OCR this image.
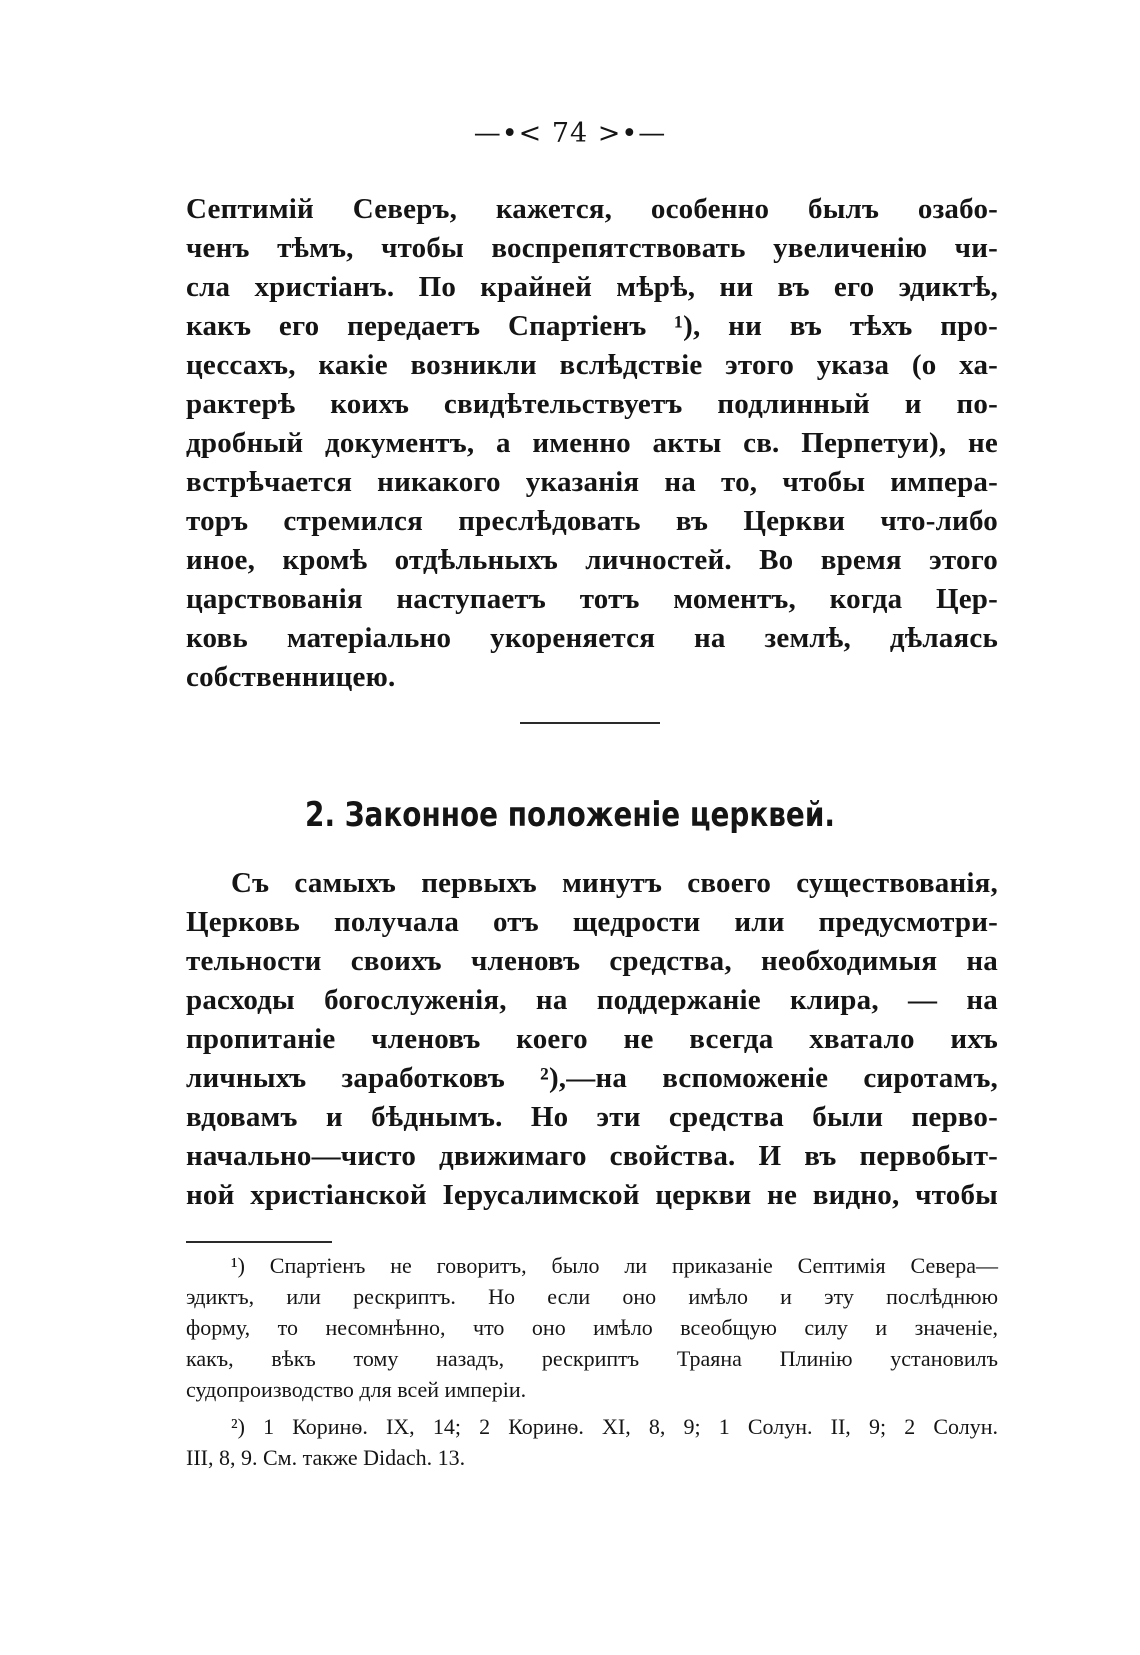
—•< 74 >•—
Септимій Северъ, кажется, особенно былъ озабо-
ченъ тѣмъ, чтобы воспрепятствовать увеличенію чи-
сла христіанъ. По крайней мѣрѣ, ни въ его эдиктѣ,
какъ его передаетъ Спартіенъ ¹), ни въ тѣхъ про-
цессахъ, какіе возникли вслѣдствіе этого указа (о ха-
рактерѣ коихъ свидѣтельствуетъ подлинный и по-
дробный документъ, а именно акты св. Перпетуи), не
встрѣчается никакого указанія на то, чтобы импера-
торъ стремился преслѣдовать въ Церкви что-либо
иное, кромѣ отдѣльныхъ личностей. Во время этого
царствованія наступаетъ тотъ моментъ, когда Цер-
ковь матеріально укореняется на землѣ, дѣлаясь
собственницею.
2. Законное положеніе церквей.
Съ самыхъ первыхъ минутъ своего существованія,
Церковь получала отъ щедрости или предусмотри-
тельности своихъ членовъ средства, необходимыя на
расходы богослуженія, на поддержаніе клира, — на
пропитаніе членовъ коего не всегда хватало ихъ
личныхъ заработковъ ²),—на вспоможеніе сиротамъ,
вдовамъ и бѣднымъ. Но эти средства были перво-
начально—чисто движимаго свойства. И въ первобыт-
ной христіанской Іерусалимской церкви не видно, чтобы
¹) Спартіенъ не говоритъ, было ли приказаніе Септимія Севера—
эдиктъ, или рескриптъ. Но если оно имѣло и эту послѣднюю
форму, то несомнѣнно, что оно имѣло всеобщую силу и значеніе,
какъ, вѣкъ тому назадъ, рескриптъ Траяна Плинію установилъ
судопроизводство для всей имперіи.
²) 1 Коринѳ. IX, 14; 2 Коринѳ. XI, 8, 9; 1 Солун. II, 9; 2 Солун.
III, 8, 9. См. также Didach. 13.
